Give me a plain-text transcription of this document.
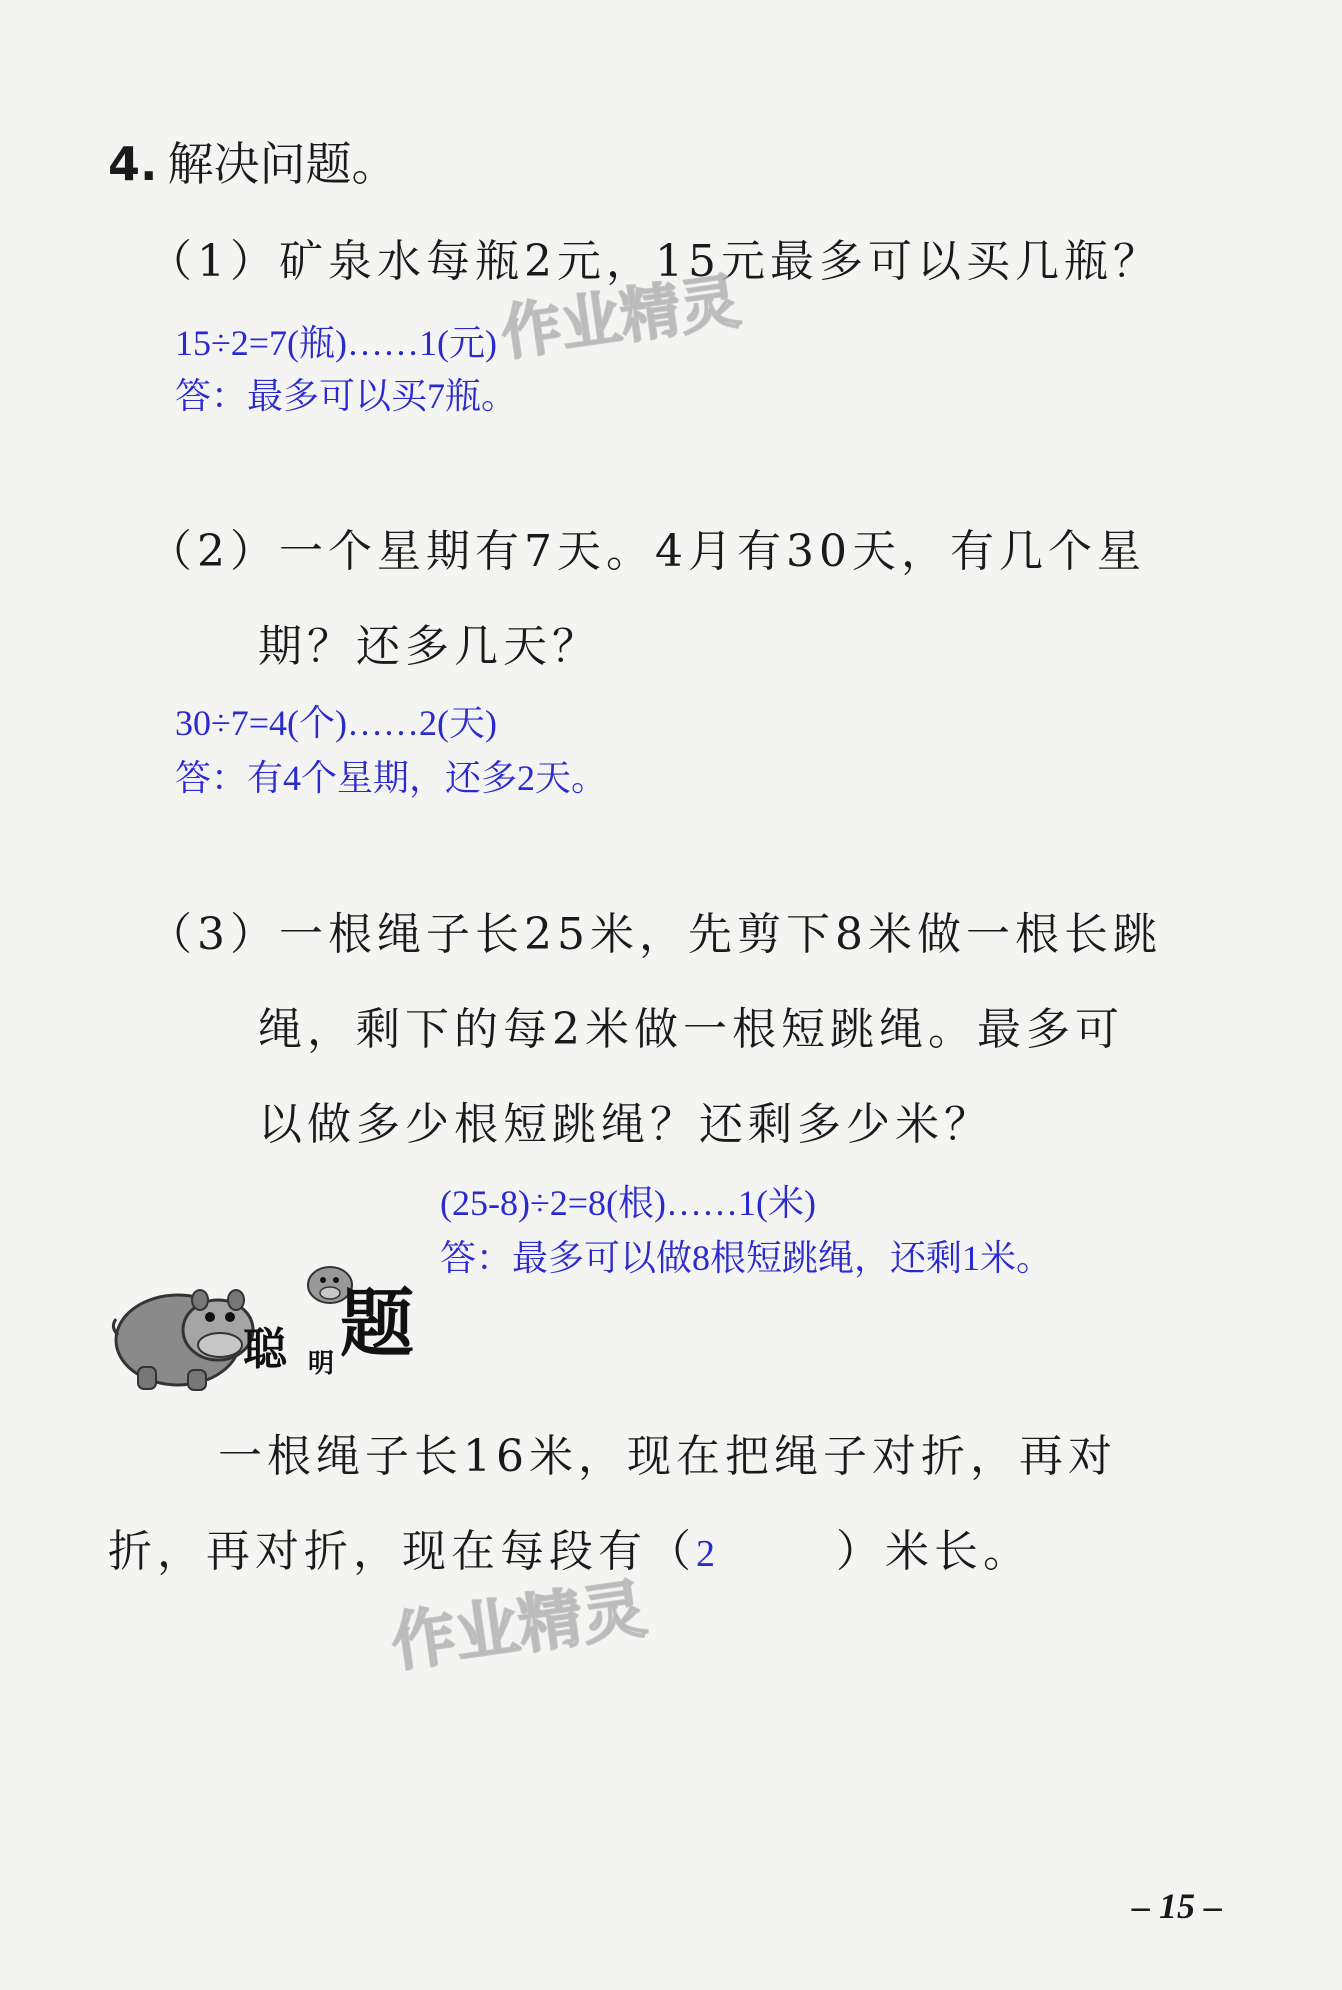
4. 解决问题。
（1）矿泉水每瓶2元，15元最多可以买几瓶？
作业精灵
15÷2=7(瓶)……1(元)
答：最多可以买7瓶。
（2）一个星期有7天。4月有30天，有几个星
期？还多几天？
30÷7=4(个)……2(天)
答：有4个星期，还多2天。
（3）一根绳子长25米，先剪下8米做一根长跳
绳，剩下的每2米做一根短跳绳。最多可
以做多少根短跳绳？还剩多少米？
(25-8)÷2=8(根)……1(米)
答：最多可以做8根短跳绳，还剩1米。
聪 明 题
一根绳子长16米，现在把绳子对折，再对
折，再对折，现在每段有（2	）米长。
作业精灵
– 15 –
